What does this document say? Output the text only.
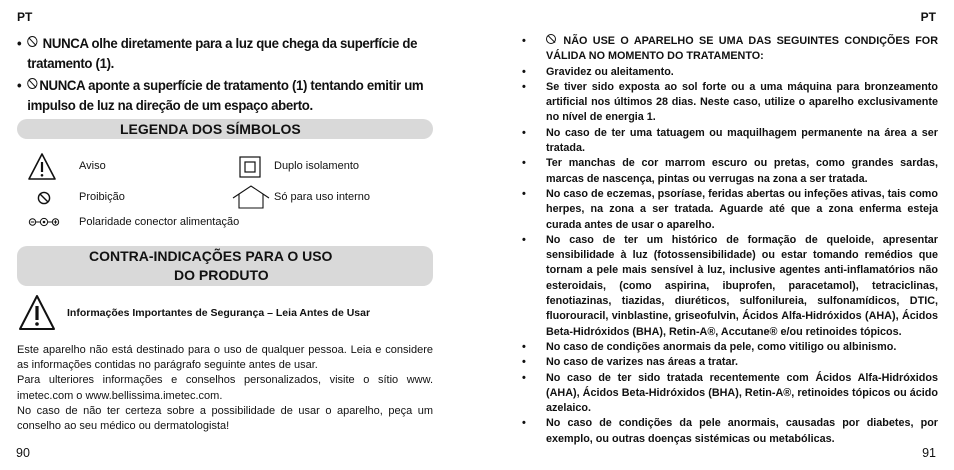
PT
• NUNCA olhe diretamente para a luz que chega da superfície de tratamento (1).
• NUNCA aponte a superfície de tratamento (1) tentando emitir um impulso de luz na direção de um espaço aberto.
LEGENDA DOS SÍMBOLOS
Aviso
Proibição
Polaridade conector alimentação
Duplo isolamento
Só para uso interno
CONTRA-INDICAÇÕES PARA O USO
DO PRODUTO
Informações Importantes de Segurança – Leia Antes de Usar

Este aparelho não está destinado para o uso de qualquer pessoa. Leia e considere as informações contidas no parágrafo seguinte antes de usar.

Para ulteriores informações e conselhos personalizados, visite o sítio www. imetec.com o www.bellissima.imetec.com.

No caso de não ter certeza sobre a possibilidade de usar o aparelho, peça um conselho ao seu médico ou dermatologista!

90
PT
91
• NÃO USE O APARELHO SE UMA DAS SEGUINTES CONDIÇÕES FOR VÁLIDA NO MOMENTO DO TRATAMENTO:
• Gravidez ou aleitamento.
• Se tiver sido exposta ao sol forte ou a uma máquina para bronzeamento artificial nos últimos 28 dias. Neste caso, utilize o aparelho exclusivamente no nível de energia 1.
• No caso de ter uma tatuagem ou maquilhagem permanente na área a ser tratada.
• Ter manchas de cor marrom escuro ou pretas, como grandes sardas, marcas de nascença, pintas ou verrugas na zona a ser tratada.
• No caso de eczemas, psoríase, feridas abertas ou infeções ativas, tais como herpes, na zona a ser tratada. Aguarde até que a zona enferma esteja curada antes de usar o aparelho.
• No caso de ter um histórico de formação de queloide, apresentar sensibilidade à luz (fotossensibilidade) ou estar tomando remédios que tornam a pele mais sensível à luz, inclusive agentes anti-inflamatórios não esteroidais, (como aspirina, ibuprofen, paracetamol), tetraciclinas, fenotiazinas, tiazidas, diuréticos, sulfonilureia, sulfonamídicos, DTIC, fluorouracil, vinblastine, griseofulvin, Ácidos Alfa-Hidróxidos (AHA), Ácidos Beta-Hidróxidos (BHA), Retin-A®, Accutane® e/ou retinoides tópicos.
• No caso de condições anormais da pele, como vitiligo ou albinismo.
• No caso de varizes nas áreas a tratar.
• No caso de ter sido tratada recentemente com Ácidos Alfa-Hidróxidos (AHA), Ácidos Beta-Hidróxidos (BHA), Retin-A®, retinoides tópicos ou ácido azelaico.
• No caso de condições da pele anormais, causadas por diabetes, por exemplo, ou outras doenças sistémicas ou metabólicas.
